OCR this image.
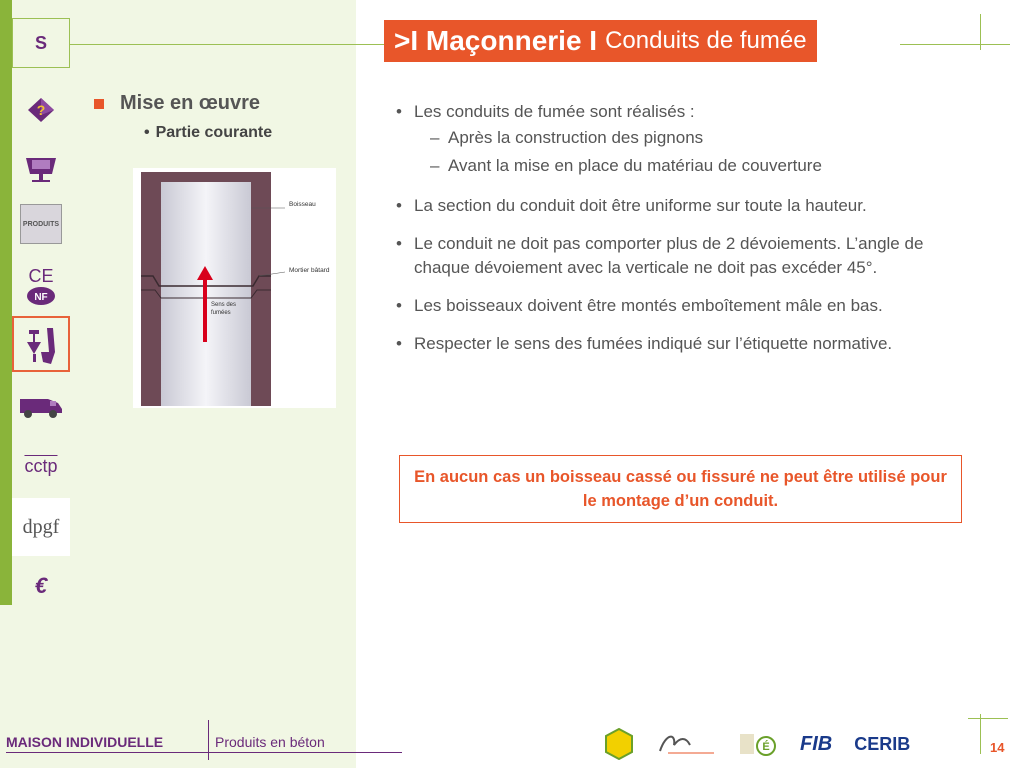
S
?
PRODUITS
CE
NF
cctp
dpgf
€
>I Maçonnerie I Conduits de fumée
Mise en œuvre
• Partie courante
Boisseau
Mortier bâtard
Sens des
fumées
• Les conduits de fumée sont réalisés :
– Après la construction des pignons
– Avant la mise en place du matériau de couverture
• La section du conduit doit être uniforme sur toute la hauteur.
• Le conduit ne doit pas comporter plus de 2 dévoiements. L’angle de chaque dévoiement avec la verticale ne doit pas excéder 45°.
• Les boisseaux doivent être montés emboîtement mâle en bas.
• Respecter le sens des fumées indiqué sur l’étiquette normative.
En aucun cas un boisseau cassé ou fissuré ne peut être utilisé pour le montage d’un conduit.
MAISON INDIVIDUELLE	Produits en béton	É FIB CERIB	14
